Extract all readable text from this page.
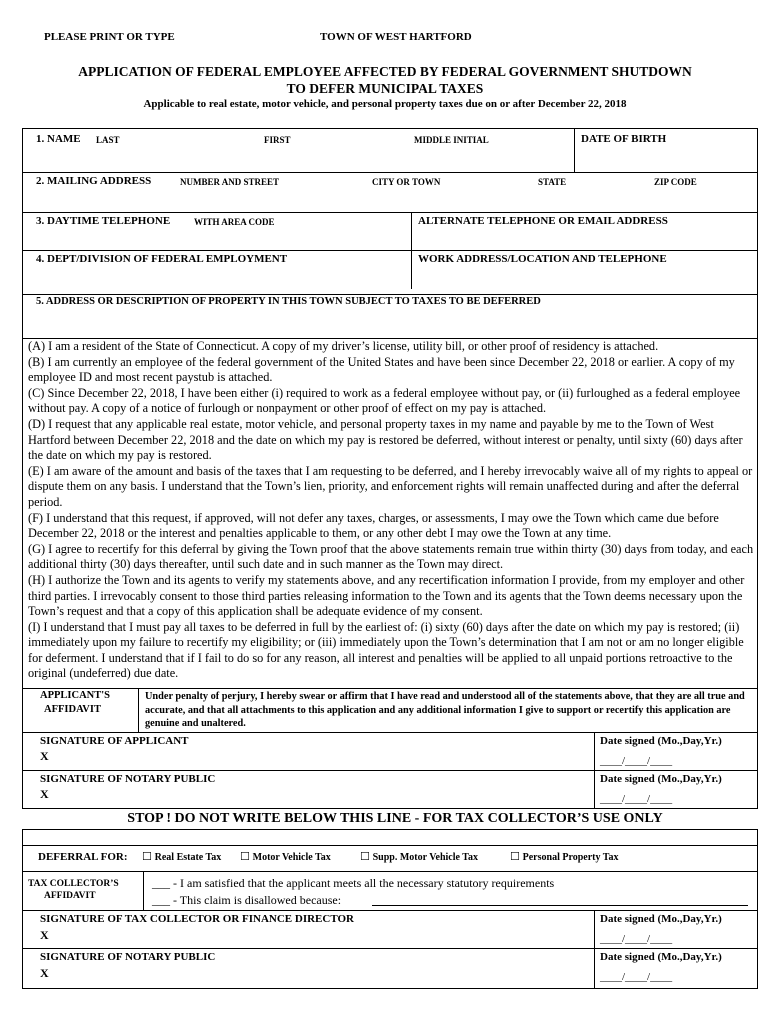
PLEASE PRINT OR TYPE	TOWN OF WEST HARTFORD
APPLICATION OF FEDERAL EMPLOYEE AFFECTED BY FEDERAL GOVERNMENT SHUTDOWN
TO DEFER MUNICIPAL TAXES
Applicable to real estate, motor vehicle, and personal property taxes due on or after December 22, 2018
1. NAME LAST	FIRST	MIDDLE INITIAL	DATE OF BIRTH
2. MAILING ADDRESS	NUMBER AND STREET	CITY OR TOWN	STATE	ZIP CODE
3. DAYTIME TELEPHONE	WITH AREA CODE	ALTERNATE TELEPHONE OR EMAIL ADDRESS
4. DEPT/DIVISION OF FEDERAL EMPLOYMENT	WORK ADDRESS/LOCATION AND TELEPHONE
5. ADDRESS OR DESCRIPTION OF PROPERTY IN THIS TOWN SUBJECT TO TAXES TO BE DEFERRED

(A) I am a resident of the State of Connecticut. A copy of my driver’s license, utility bill, or other proof of residency is attached.

(B) I am currently an employee of the federal government of the United States and have been since December 22, 2018 or earlier. A copy of my employee ID and most recent paystub is attached.

(C) Since December 22, 2018, I have been either (i) required to work as a federal employee without pay, or (ii) furloughed as a federal employee without pay. A copy of a notice of furlough or nonpayment or other proof of effect on my pay is attached.

(D) I request that any applicable real estate, motor vehicle, and personal property taxes in my name and payable by me to the Town of West Hartford between December 22, 2018 and the date on which my pay is restored be deferred, without interest or penalty, until sixty (60) days after the date on which my pay is restored.

(E) I am aware of the amount and basis of the taxes that I am requesting to be deferred, and I hereby irrevocably waive all of my rights to appeal or dispute them on any basis. I understand that the Town’s lien, priority, and enforcement rights will remain unaffected during and after the deferral period.

(F) I understand that this request, if approved, will not defer any taxes, charges, or assessments, I may owe the Town which came due before December 22, 2018 or the interest and penalties applicable to them, or any other debt I may owe the Town at any time.

(G) I agree to recertify for this deferral by giving the Town proof that the above statements remain true within thirty (30) days from today, and each additional thirty (30) days thereafter, until such date and in such manner as the Town may direct.

(H) I authorize the Town and its agents to verify my statements above, and any recertification information I provide, from my employer and other third parties. I irrevocably consent to those third parties releasing information to the Town and its agents that the Town deems necessary upon the Town’s request and that a copy of this application shall be adequate evidence of my consent.

(I) I understand that I must pay all taxes to be deferred in full by the earliest of: (i) sixty (60) days after the date on which my pay is restored; (ii) immediately upon my failure to recertify my eligibility; or (iii) immediately upon the Town’s determination that I am not or am no longer eligible for deferment. I understand that if I fail to do so for any reason, all interest and penalties will be applied to all unpaid portions retroactive to the original (undeferred) due date.

APPLICANT'S
AFFIDAVIT
Under penalty of perjury, I hereby swear or affirm that I have read and understood all of the statements above, that they are all true and accurate, and that all attachments to this application and any additional information I give to support or recertify this application are genuine and unaltered.
SIGNATURE OF APPLICANT
X
Date signed (Mo.,Day,Yr.)
____/____/____
SIGNATURE OF NOTARY PUBLIC
X
Date signed (Mo.,Day,Yr.)
____/____/____
STOP ! DO NOT WRITE BELOW THIS LINE - FOR TAX COLLECTOR’S USE ONLY
DEFERRAL FOR: ☐ Real Estate Tax ☐ Motor Vehicle Tax	☐ Supp. Motor Vehicle Tax	☐ Personal Property Tax
TAX COLLECTOR’S
AFFIDAVIT
___ - I am satisfied that the applicant meets all the necessary statutory requirements
___ - This claim is disallowed because:
SIGNATURE OF TAX COLLECTOR OR FINANCE DIRECTOR
X
Date signed (Mo.,Day,Yr.)
____/____/____
SIGNATURE OF NOTARY PUBLIC
X
Date signed (Mo.,Day,Yr.)
____/____/____
